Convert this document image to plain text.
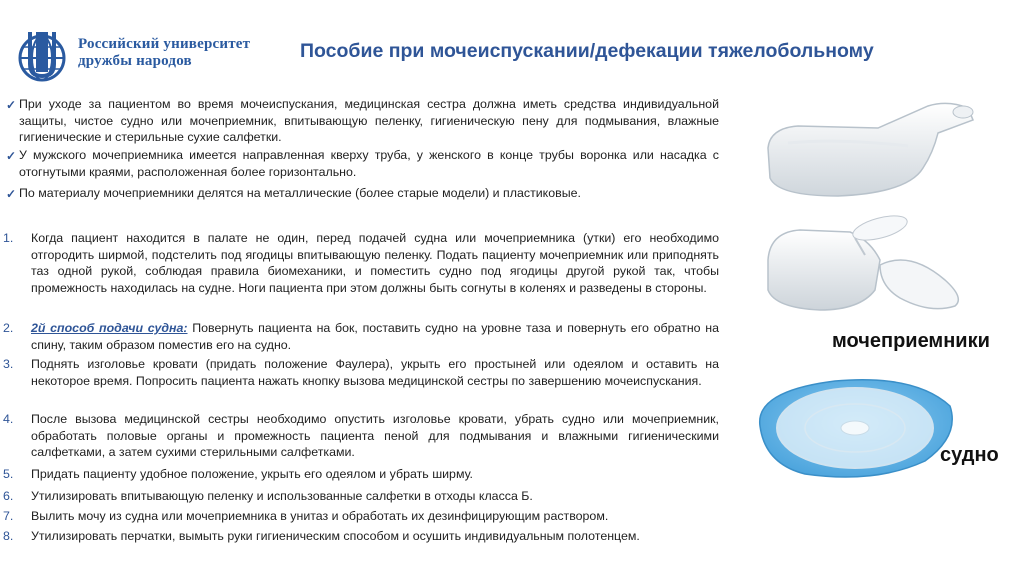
Российский университет
дружбы народов	Пособие при мочеиспускании/дефекации тяжелобольному
✓ При уходе за пациентом во время мочеиспускания, медицинская сестра должна иметь средства индивидуальной защиты, чистое судно или мочеприемник, впитывающую пеленку, гигиеническую пену для подмывания, влажные гигиенические и стерильные сухие салфетки.
✓ У мужского мочеприемника имеется направленная кверху труба, у женского в конце трубы воронка или насадка с отогнутыми краями, расположенная более горизонтально.
✓ По материалу мочеприемники делятся на металлические (более старые модели) и пластиковые.
1. Когда пациент находится в палате не один, перед подачей судна или мочеприемника (утки) его необходимо отгородить ширмой, подстелить под ягодицы впитывающую пеленку. Подать пациенту мочеприемник или приподнять таз одной рукой, соблюдая правила биомеханики, и поместить судно под ягодицы другой рукой так, чтобы промежность находилась на судне. Ноги пациента при этом должны быть согнуты в коленях и разведены в стороны.
2. 2й способ подачи судна: Повернуть пациента на бок, поставить судно на уровне таза и повернуть его обратно на спину, таким образом поместив его на судно.
3. Поднять изголовье кровати (придать положение Фаулера), укрыть его простыней или одеялом и оставить на некоторое время. Попросить пациента нажать кнопку вызова медицинской сестры по завершению мочеиспускания.
4. После вызова медицинской сестры необходимо опустить изголовье кровати, убрать судно или мочеприемник, обработать половые органы и промежность пациента пеной для подмывания и влажными гигиеническими салфетками, а затем сухими стерильными салфетками.
5. Придать пациенту удобное положение, укрыть его одеялом и убрать ширму.
6. Утилизировать впитывающую пеленку и использованные салфетки в отходы класса Б.
7. Вылить мочу из судна или мочеприемника в унитаз и обработать их дезинфицирующим раствором.
8. Утилизировать перчатки, вымыть руки гигиеническим способом и осушить индивидуальным полотенцем.
мочеприемники
судно
